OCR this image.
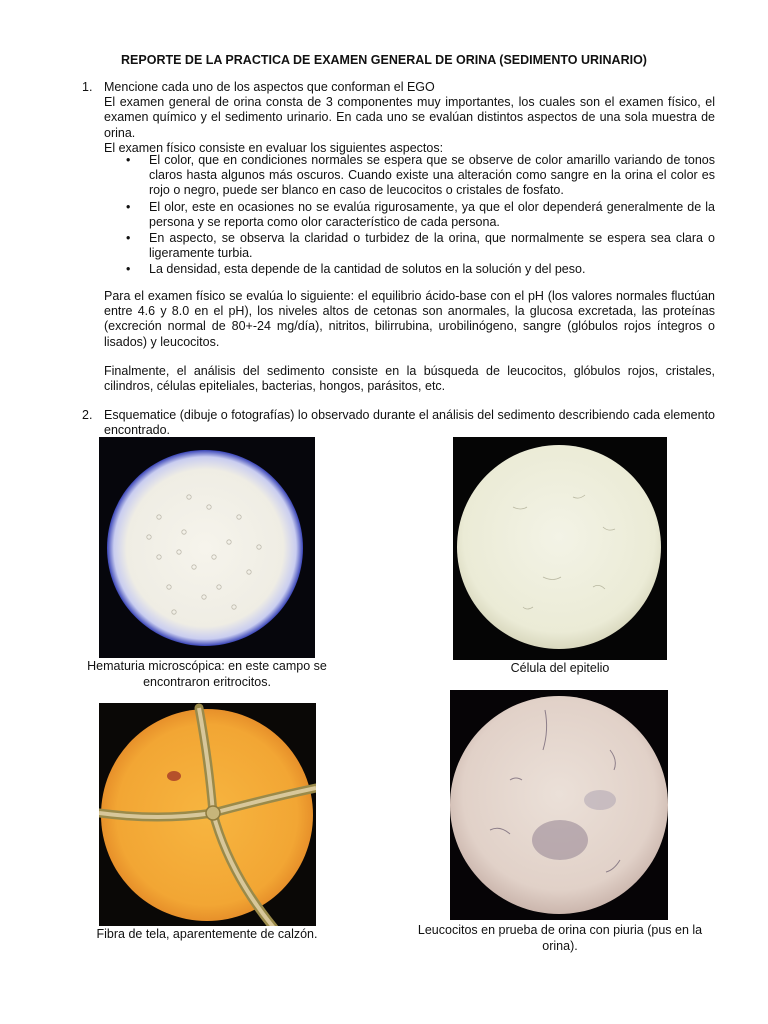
REPORTE DE LA PRACTICA DE EXAMEN GENERAL DE ORINA (SEDIMENTO URINARIO)
1. Mencione cada uno de los aspectos que conforman el EGO

El examen general de orina consta de 3 componentes muy importantes, los cuales son el examen físico, el examen químico y el sedimento urinario. En cada uno se evalúan distintos aspectos de una sola muestra de orina.

El examen físico consiste en evaluar los siguientes aspectos:

• El color, que en condiciones normales se espera que se observe de color amarillo variando de tonos claros hasta algunos más oscuros. Cuando existe una alteración como sangre en la orina el color es rojo o negro, puede ser blanco en caso de leucocitos o cristales de fosfato.
• El olor, este en ocasiones no se evalúa rigurosamente, ya que el olor dependerá generalmente de la persona y se reporta como olor característico de cada persona.
• En aspecto, se observa la claridad o turbidez de la orina, que normalmente se espera sea clara o ligeramente turbia.
• La densidad, esta depende de la cantidad de solutos en la solución y del peso.
Para el examen físico se evalúa lo siguiente: el equilibrio ácido-base con el pH (los valores normales fluctúan entre 4.6 y 8.0 en el pH), los niveles altos de cetonas son anormales, la glucosa excretada, las proteínas (excreción normal de 80+-24 mg/día), nitritos, bilirrubina, urobilinógeno, sangre (glóbulos rojos íntegros o lisados) y leucocitos.
Finalmente, el análisis del sedimento consiste en la búsqueda de leucocitos, glóbulos rojos, cristales, cilindros, células epiteliales, bacterias, hongos, parásitos, etc.
2. Esquematice (dibuje o fotografías) lo observado durante el análisis del sedimento describiendo cada elemento encontrado.
Hematuria microscópica: en este campo se encontraron eritrocitos.
Célula del epitelio
Fibra de tela, aparentemente de calzón.	Leucocitos en prueba de orina con piuria (pus en la orina).
